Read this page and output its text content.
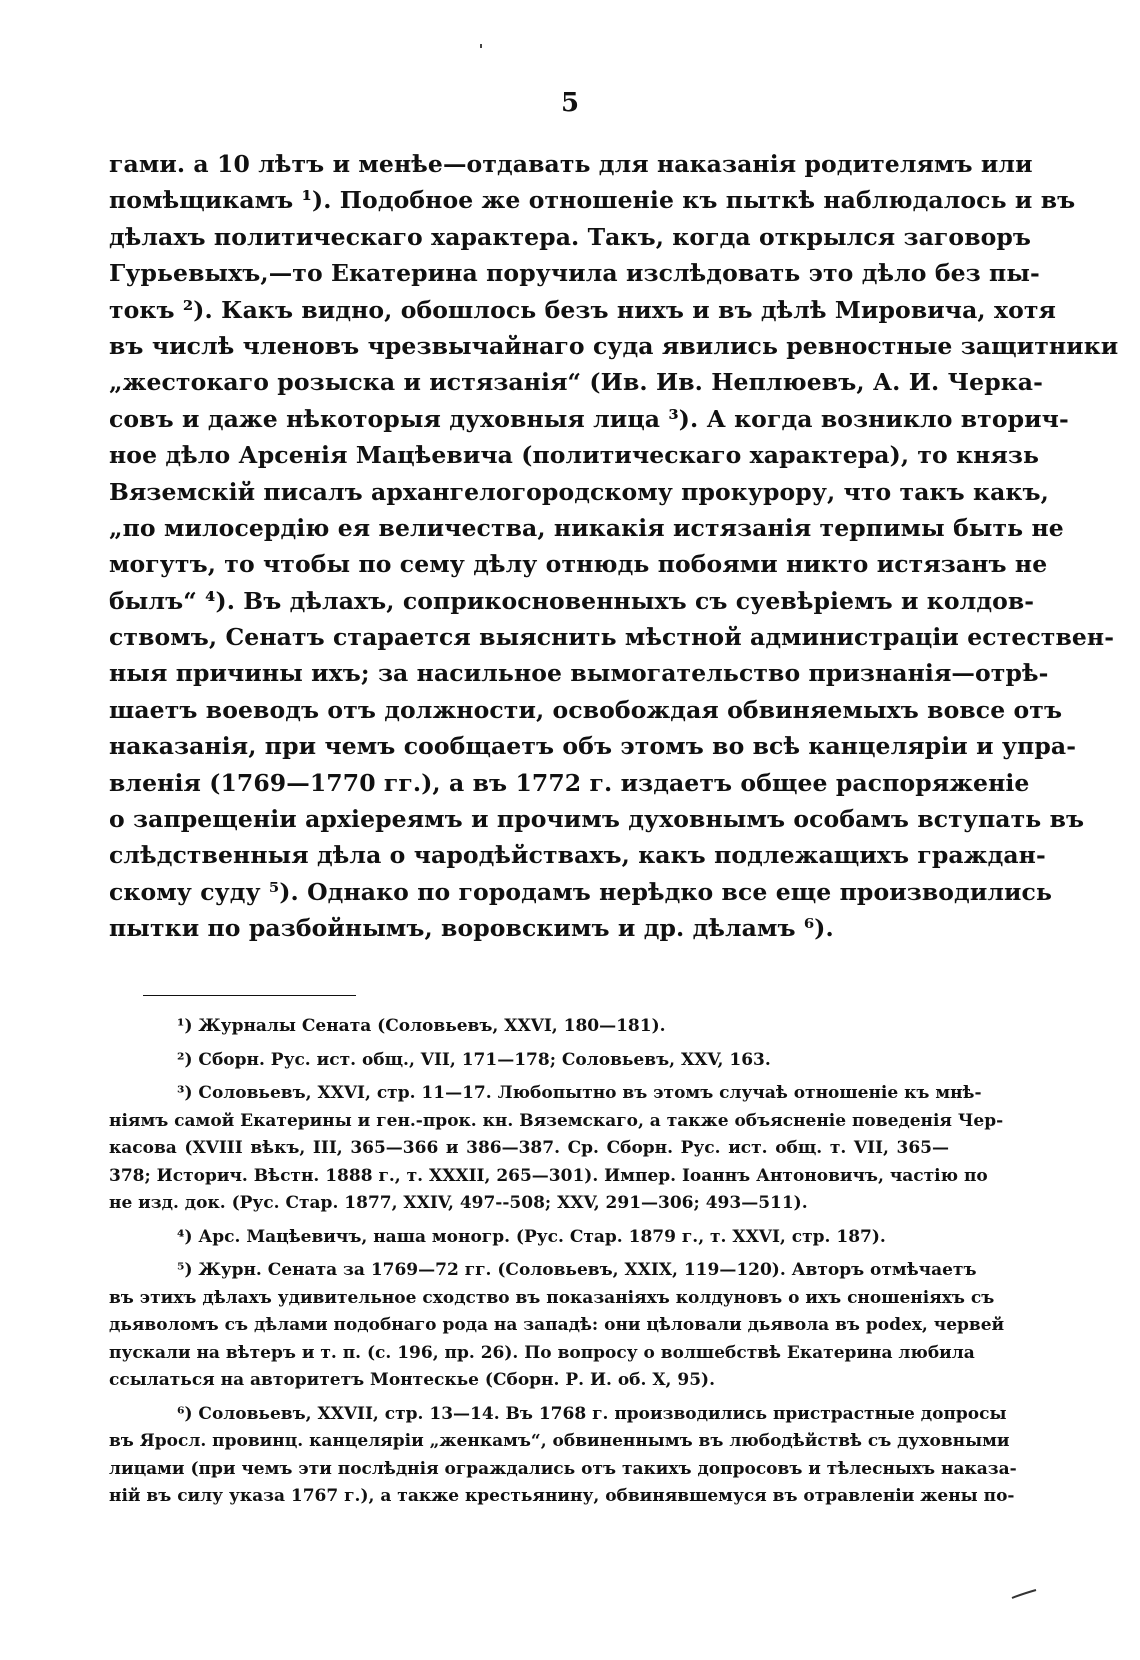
5
гами. а 10 лѣтъ и менѣе—отдавать для наказанія родителямъ или
помѣщикамъ ¹). Подобное же отношеніе къ пыткѣ наблюдалось и въ
дѣлахъ политическаго характера. Такъ, когда открылся заговоръ
Гурьевыхъ,—то Екатерина поручила изслѣдовать это дѣло без пы-
токъ ²). Какъ видно, обошлось безъ нихъ и въ дѣлѣ Мировича, хотя
въ числѣ членовъ чрезвычайнаго суда явились ревностные защитники
„жестокаго розыска и истязанія“ (Ив. Ив. Неплюевъ, А. И. Черка-
совъ и даже нѣкоторыя духовныя лица ³). А когда возникло вторич-
ное дѣло Арсенія Мацѣевича (политическаго характера), то князь
Вяземскій писалъ архангелогородскому прокурору, что такъ какъ,
„по милосердію ея величества, никакія истязанія терпимы быть не
могутъ, то чтобы по сему дѣлу отнюдь побоями никто истязанъ не
былъ“ ⁴). Въ дѣлахъ, соприкосновенныхъ съ суевѣріемъ и колдов-
ствомъ, Сенатъ старается выяснить мѣстной администраціи естествен-
ныя причины ихъ; за насильное вымогательство признанія—отрѣ-
шаетъ воеводъ отъ должности, освобождая обвиняемыхъ вовсе отъ
наказанія, при чемъ сообщаетъ объ этомъ во всѣ канцеляріи и упра-
вленія (1769—1770 гг.), а въ 1772 г. издаетъ общее распоряженіе
о запрещеніи архіереямъ и прочимъ духовнымъ особамъ вступать въ
слѣдственныя дѣла о чародѣйствахъ, какъ подлежащихъ граждан-
скому суду ⁵). Однако по городамъ нерѣдко все еще производились
пытки по разбойнымъ, воровскимъ и др. дѣламъ ⁶).
¹) Журналы Сената (Соловьевъ, XXVI, 180—181).
²) Сборн. Рус. ист. общ., VII, 171—178; Соловьевъ, XXV, 163.
³) Соловьевъ, XXVI, стр. 11—17. Любопытно въ этомъ случаѣ отношеніе къ мнѣ-
ніямъ самой Екатерины и ген.-прок. кн. Вяземскаго, а также объясненіе поведенія Чер-
касова (XVIII вѣкъ, III, 365—366 и 386—387. Ср. Сборн. Рус. ист. общ. т. VII, 365—
378; Историч. Вѣстн. 1888 г., т. XXXII, 265—301). Импер. Іоаннъ Антоновичъ, частію по
не изд. док. (Рус. Стар. 1877, XXIV, 497--508; XXV, 291—306; 493—511).
⁴) Арс. Мацѣевичъ, наша моногр. (Рус. Стар. 1879 г., т. XXVI, стр. 187).
⁵) Журн. Сената за 1769—72 гг. (Соловьевъ, XXIX, 119—120). Авторъ отмѣчаетъ
въ этихъ дѣлахъ удивительное сходство въ показаніяхъ колдуновъ о ихъ сношеніяхъ съ
дьяволомъ съ дѣлами подобнаго рода на западѣ: они цѣловали дьявола въ podex, червей
пускали на вѣтеръ и т. п. (с. 196, пр. 26). По вопросу о волшебствѣ Екатерина любила
ссылаться на авторитетъ Монтескье (Сборн. Р. И. об. X, 95).
⁶) Соловьевъ, XXVII, стр. 13—14. Въ 1768 г. производились пристрастные допросы
въ Яросл. провинц. канцеляріи „женкамъ“, обвиненнымъ въ любодѣйствѣ съ духовными
лицами (при чемъ эти послѣднія ограждались отъ такихъ допросовъ и тѣлесныхъ наказа-
ній въ силу указа 1767 г.), а также крестьянину, обвинявшемуся въ отравленіи жены по-
